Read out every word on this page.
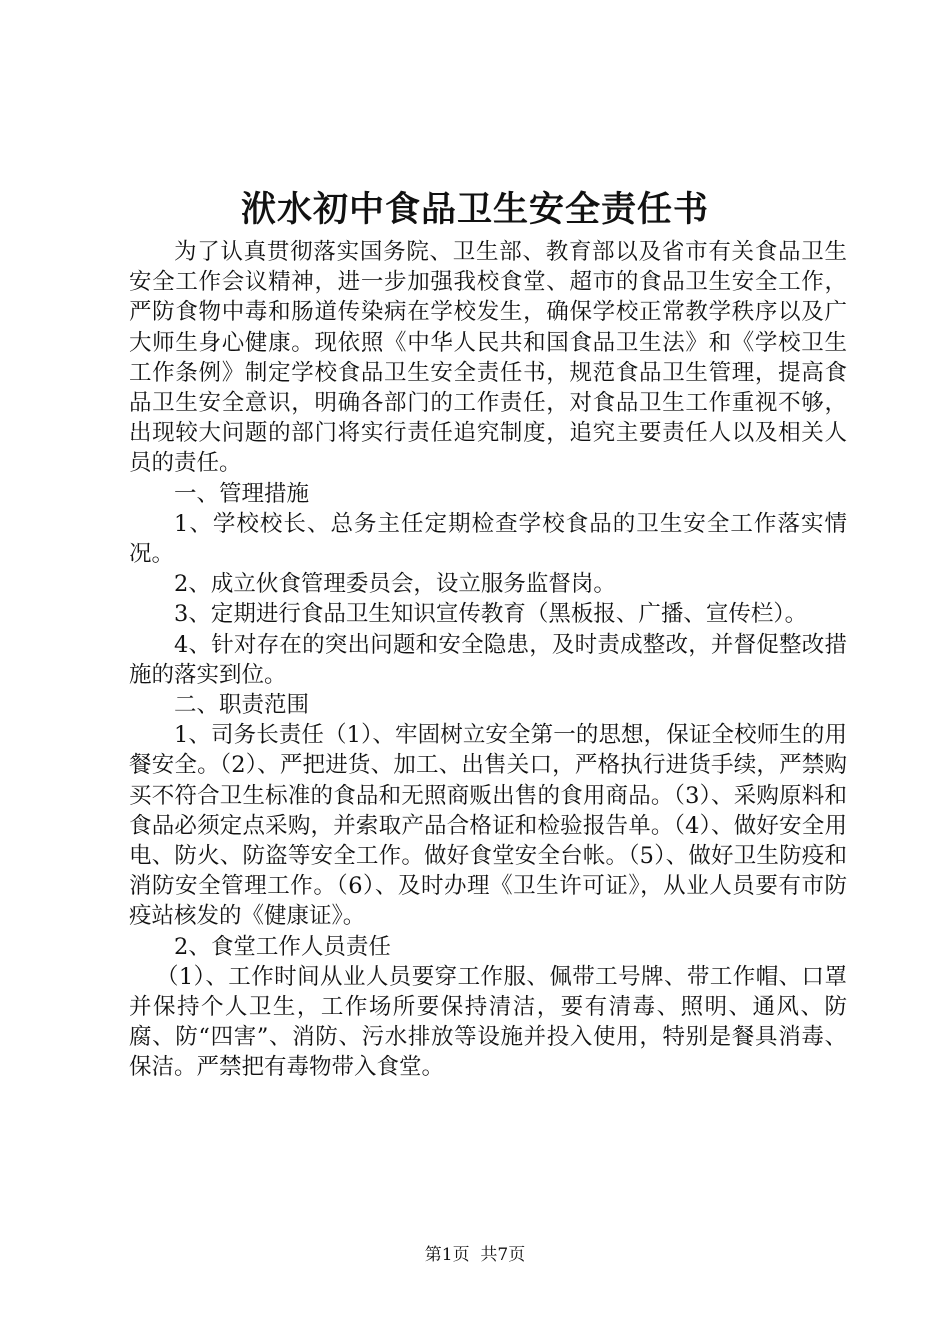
洑水初中食品卫生安全责任书

为了认真贯彻落实国务院、卫生部、教育部以及省市有关食品卫生安全工作会议精神，进一步加强我校食堂、超市的食品卫生安全工作，严防食物中毒和肠道传染病在学校发生，确保学校正常教学秩序以及广大师生身心健康。现依照《中华人民共和国食品卫生法》和《学校卫生工作条例》制定学校食品卫生安全责任书，规范食品卫生管理，提高食品卫生安全意识，明确各部门的工作责任，对食品卫生工作重视不够，出现较大问题的部门将实行责任追究制度，追究主要责任人以及相关人员的责任。

一、管理措施

1、学校校长、总务主任定期检查学校食品的卫生安全工作落实情况。

2、成立伙食管理委员会，设立服务监督岗。

3、定期进行食品卫生知识宣传教育（黑板报、广播、宣传栏）。

4、针对存在的突出问题和安全隐患，及时责成整改，并督促整改措施的落实到位。

二、职责范围

1、司务长责任（1）、牢固树立安全第一的思想，保证全校师生的用餐安全。（2）、严把进货、加工、出售关口，严格执行进货手续，严禁购买不符合卫生标准的食品和无照商贩出售的食用商品。（3）、采购原料和食品必须定点采购，并索取产品合格证和检验报告单。（4）、做好安全用电、防火、防盗等安全工作。做好食堂安全台帐。（5）、做好卫生防疫和消防安全管理工作。（6）、及时办理《卫生许可证》，从业人员要有市防疫站核发的《健康证》。

2、食堂工作人员责任

（1）、工作时间从业人员要穿工作服、佩带工号牌、带工作帽、口罩并保持个人卫生，工作场所要保持清洁，要有清毒、照明、通风、防腐、防“四害”、消防、污水排放等设施并投入使用，特别是餐具消毒、保洁。严禁把有毒物带入食堂。

第1页  共7页
